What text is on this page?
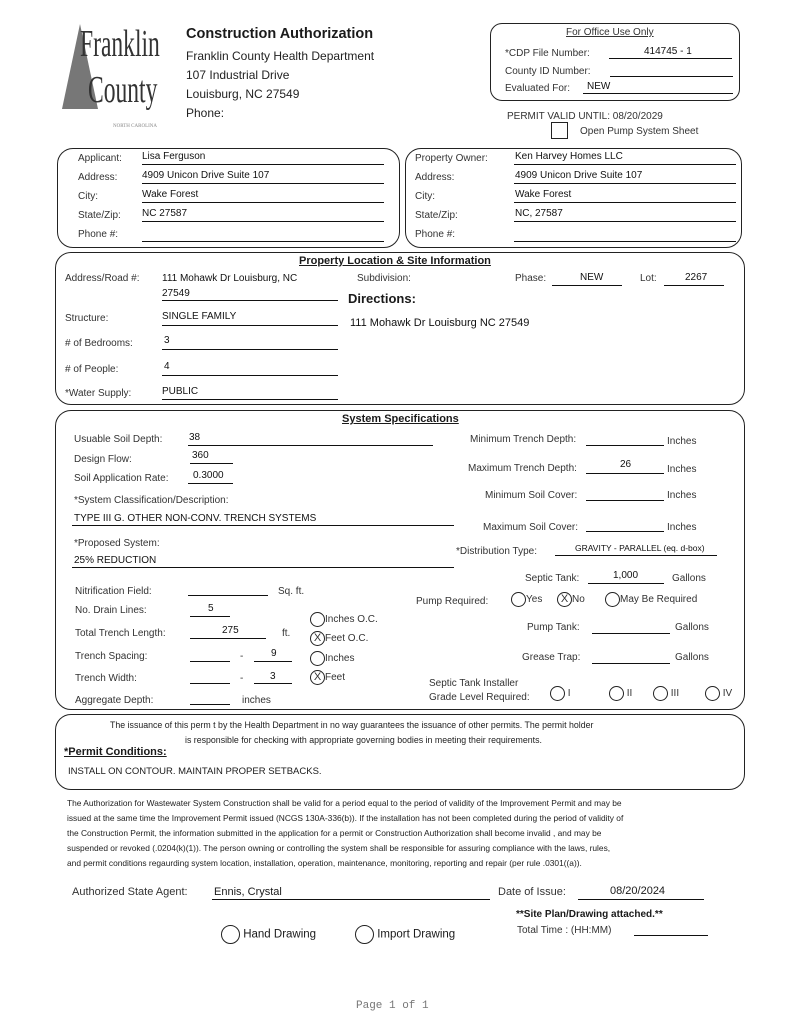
Franklin
County
NORTH CAROLINA
Construction Authorization
Franklin County Health Department
107 Industrial Drive
Louisburg, NC 27549
Phone:
For Office Use Only
*CDP File Number:	414745 - 1
County ID Number:
Evaluated For: NEW
PERMIT VALID UNTIL: 08/20/2029
Open Pump System Sheet
Applicant: Lisa Ferguson
Address: 4909 Unicon Drive Suite 107
City:	Wake Forest
State/Zip: NC 27587
Phone #:
Property Owner:	Ken Harvey Homes LLC
Address:	4909 Unicon Drive Suite 107
City:	Wake Forest
State/Zip:	NC, 27587
Phone #:
Property Location & Site Information
Address/Road #: 111 Mohawk Dr Louisburg, NC
27549
Subdivision:	Phase:	NEW	Lot:	2267
Directions:
111 Mohawk Dr Louisburg NC 27549
Structure:	SINGLE FAMILY
# of Bedrooms:	3
# of People:	4
*Water Supply:	PUBLIC
System Specifications
Usuable Soil Depth:	38
Design Flow:	360
Soil Application Rate: 0.3000
*System Classification/Description:
TYPE III G. OTHER NON-CONV. TRENCH SYSTEMS
*Proposed System:
25% REDUCTION
Minimum Trench Depth:	Inches
Maximum Trench Depth:	26	Inches
Minimum Soil Cover:	Inches
Maximum Soil Cover:	Inches
*Distribution Type:	GRAVITY - PARALLEL (eq. d-box)
Nitrification Field:	Sq. ft.
No. Drain Lines:	5
Total Trench Length:	275	ft.
Trench Spacing:	-	9
Trench Width:	-	3
Aggregate Depth:	inches
Inches O.C.
X Feet O.C.
Inches
X Feet
Septic Tank:	1,000	Gallons
Pump Required:	Yes	X No	May Be Required
Pump Tank:	Gallons
Grease Trap:	Gallons
Septic Tank Installer
Grade Level Required:	I	II	III	IV
The issuance of this perm t by the Health Department in no way guarantees the issuance of other permits. The permit holder
is responsible for checking with appropriate governing bodies in meeting their requirements.
*Permit Conditions:
INSTALL ON CONTOUR. MAINTAIN PROPER SETBACKS.
The Authorization for Wastewater System Construction shall be valid for a period equal to the period of validity of the Improvement Permit and may be
issued at the same time the Improvement Permit issued (NCGS 130A-336(b)). If the installation has not been completed during the period of validity of
the Construction Permit, the information submitted in the application for a permit or Construction Authorization shall become invalid , and may be
suspended or revoked (.0204(k)(1)). The person owning or controlling the system shall be responsible for assuring compliance with the laws, rules,
and permit conditions regaurding system location, installation, operation, maintenance, monitoring, reporting and repair (per rule .0301((a)).
Authorized State Agent: Ennis, Crystal	Date of Issue:	08/20/2024
**Site Plan/Drawing attached.**
Total Time : (HH:MM)
Hand Drawing	Import Drawing
Page 1 of 1
